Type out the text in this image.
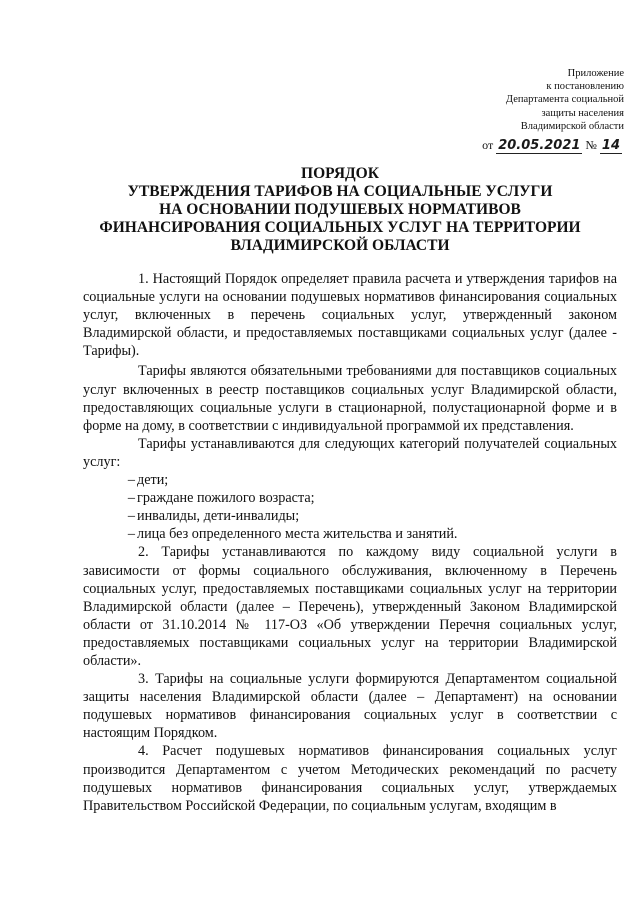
Приложение
к постановлению
Департамента социальной
защиты населения
Владимирской области
от 20.05.2021 № 14
ПОРЯДОК
УТВЕРЖДЕНИЯ ТАРИФОВ НА СОЦИАЛЬНЫЕ УСЛУГИ
НА ОСНОВАНИИ ПОДУШЕВЫХ НОРМАТИВОВ
ФИНАНСИРОВАНИЯ СОЦИАЛЬНЫХ УСЛУГ НА ТЕРРИТОРИИ
ВЛАДИМИРСКОЙ ОБЛАСТИ

1. Настоящий Порядок определяет правила расчета и утверждения тарифов на социальные услуги на основании подушевых нормативов финансирования социальных услуг, включенных в перечень социальных услуг, утвержденный законом Владимирской области, и предоставляемых поставщиками социальных услуг (далее - Тарифы).

Тарифы являются обязательными требованиями для поставщиков социальных услуг включенных в реестр поставщиков социальных услуг Владимирской области, предоставляющих социальные услуги в стационарной, полустационарной форме и в форме на дому, в соответствии с индивидуальной программой их представления.

Тарифы устанавливаются для следующих категорий получателей социальных услуг:

– дети;
– граждане пожилого возраста;
– инвалиды, дети-инвалиды;
– лица без определенного места жительства и занятий.

2. Тарифы устанавливаются по каждому виду социальной услуги в зависимости от формы социального обслуживания, включенному в Перечень социальных услуг, предоставляемых поставщиками социальных услуг на территории Владимирской области (далее – Перечень), утвержденный Законом Владимирской области от 31.10.2014 № 117-ОЗ «Об утверждении Перечня социальных услуг, предоставляемых поставщиками социальных услуг на территории Владимирской области».

3. Тарифы на социальные услуги формируются Департаментом социальной защиты населения Владимирской области (далее – Департамент) на основании подушевых нормативов финансирования социальных услуг в соответствии с настоящим Порядком.

4. Расчет подушевых нормативов финансирования социальных услуг производится Департаментом с учетом Методических рекомендаций по расчету подушевых нормативов финансирования социальных услуг, утверждаемых Правительством Российской Федерации, по социальным услугам, входящим в
